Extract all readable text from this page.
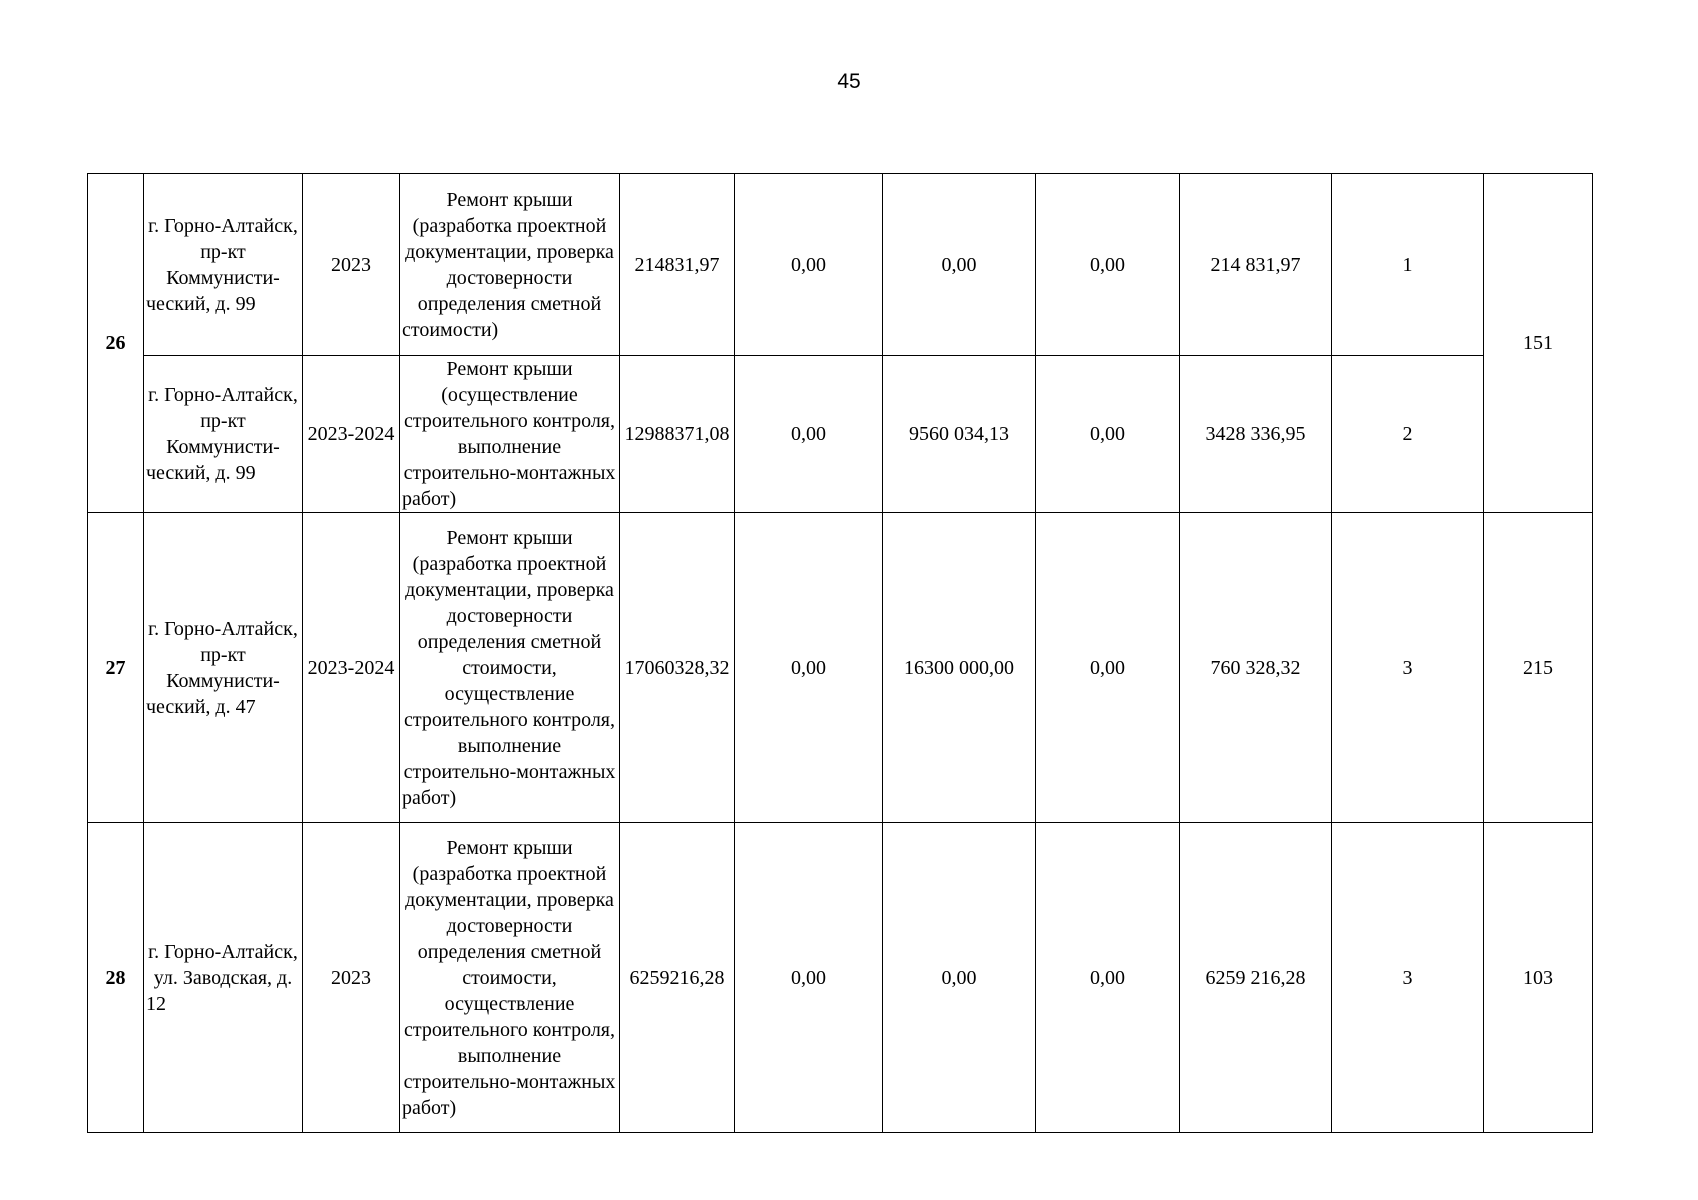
45
26	г. Горно-Алтайск, пр-кт Коммунисти-ческий, д. 99	2023	Ремонт крыши (разработка проектной документации, проверка достоверности определения сметной стоимости)	214831,97	0,00	0,00	0,00	214 831,97	1	151
	г. Горно-Алтайск, пр-кт Коммунисти-ческий, д. 99	2023-2024	Ремонт крыши (осуществление строительного контроля, выполнение строительно-монтажных работ)	12988371,08	0,00	9560 034,13	0,00	3428 336,95	2	
27	г. Горно-Алтайск, пр-кт Коммунисти-ческий, д. 47	2023-2024	Ремонт крыши (разработка проектной документации, проверка достоверности определения сметной стоимости, осуществление строительного контроля, выполнение строительно-монтажных работ)	17060328,32	0,00	16300 000,00	0,00	760 328,32	3	215
28	г. Горно-Алтайск, ул. Заводская, д. 12	2023	Ремонт крыши (разработка проектной документации, проверка достоверности определения сметной стоимости, осуществление строительного контроля, выполнение строительно-монтажных работ)	6259216,28	0,00	0,00	0,00	6259 216,28	3	103
